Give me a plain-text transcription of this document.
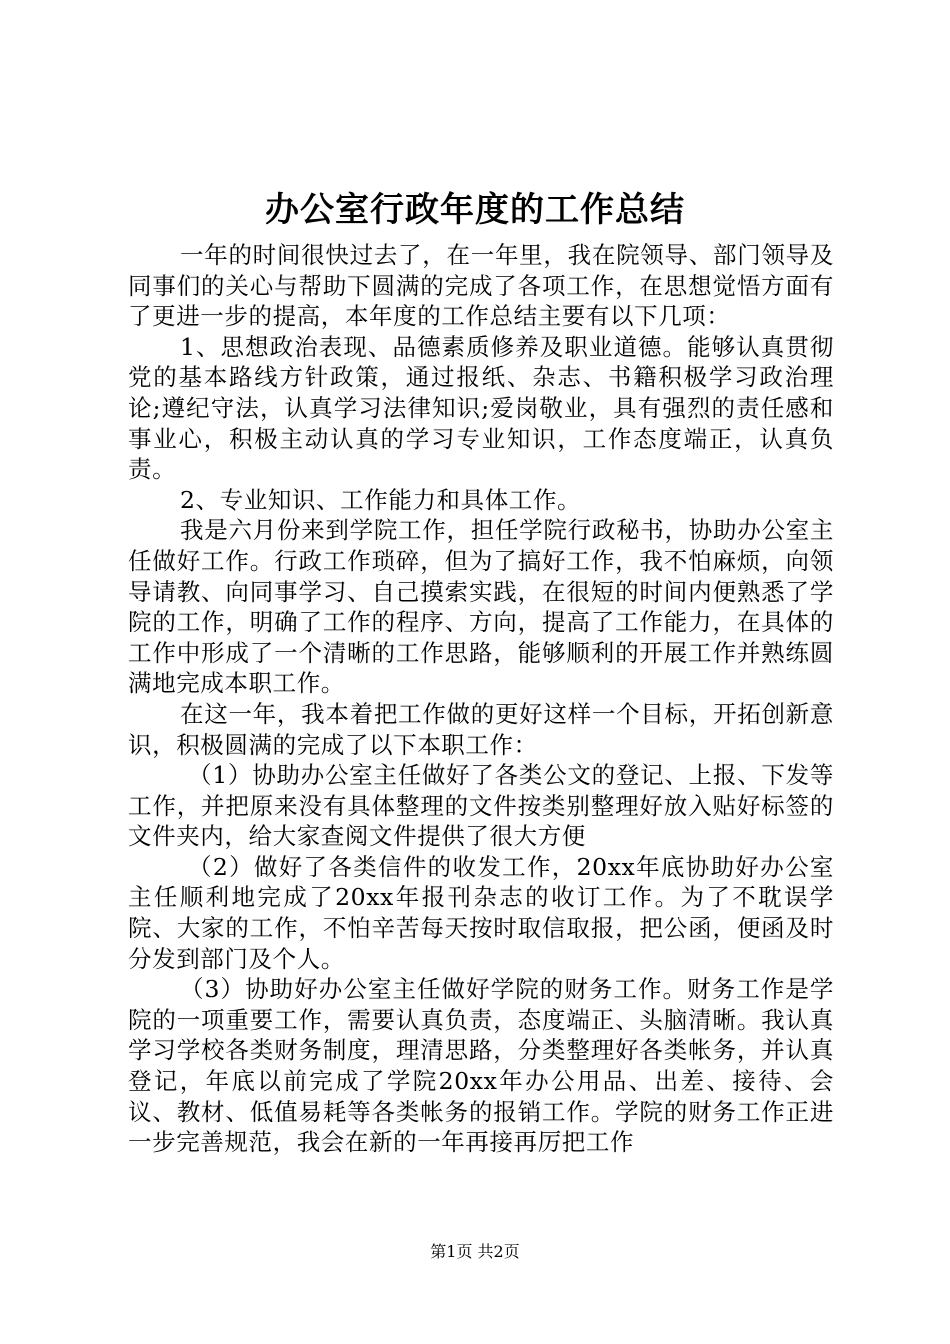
办公室行政年度的工作总结

一年的时间很快过去了，在一年里，我在院领导、部门领导及同事们的关心与帮助下圆满的完成了各项工作，在思想觉悟方面有了更进一步的提高，本年度的工作总结主要有以下几项：

1、思想政治表现、品德素质修养及职业道德。能够认真贯彻党的基本路线方针政策，通过报纸、杂志、书籍积极学习政治理论;遵纪守法，认真学习法律知识;爱岗敬业，具有强烈的责任感和事业心，积极主动认真的学习专业知识，工作态度端正，认真负责。

2、专业知识、工作能力和具体工作。

我是六月份来到学院工作，担任学院行政秘书，协助办公室主任做好工作。行政工作琐碎，但为了搞好工作，我不怕麻烦，向领导请教、向同事学习、自己摸索实践，在很短的时间内便熟悉了学院的工作，明确了工作的程序、方向，提高了工作能力，在具体的工作中形成了一个清晰的工作思路，能够顺利的开展工作并熟练圆满地完成本职工作。

在这一年，我本着把工作做的更好这样一个目标，开拓创新意识，积极圆满的完成了以下本职工作：

（1）协助办公室主任做好了各类公文的登记、上报、下发等工作，并把原来没有具体整理的文件按类别整理好放入贴好标签的文件夹内，给大家查阅文件提供了很大方便

（2）做好了各类信件的收发工作，20xx年底协助好办公室主任顺利地完成了20xx年报刊杂志的收订工作。为了不耽误学院、大家的工作，不怕辛苦每天按时取信取报，把公函，便函及时分发到部门及个人。

（3）协助好办公室主任做好学院的财务工作。财务工作是学院的一项重要工作，需要认真负责，态度端正、头脑清晰。我认真学习学校各类财务制度，理清思路，分类整理好各类帐务，并认真登记，年底以前完成了学院20xx年办公用品、出差、接待、会议、教材、低值易耗等各类帐务的报销工作。学院的财务工作正进一步完善规范，我会在新的一年再接再厉把工作

第1页 共2页
